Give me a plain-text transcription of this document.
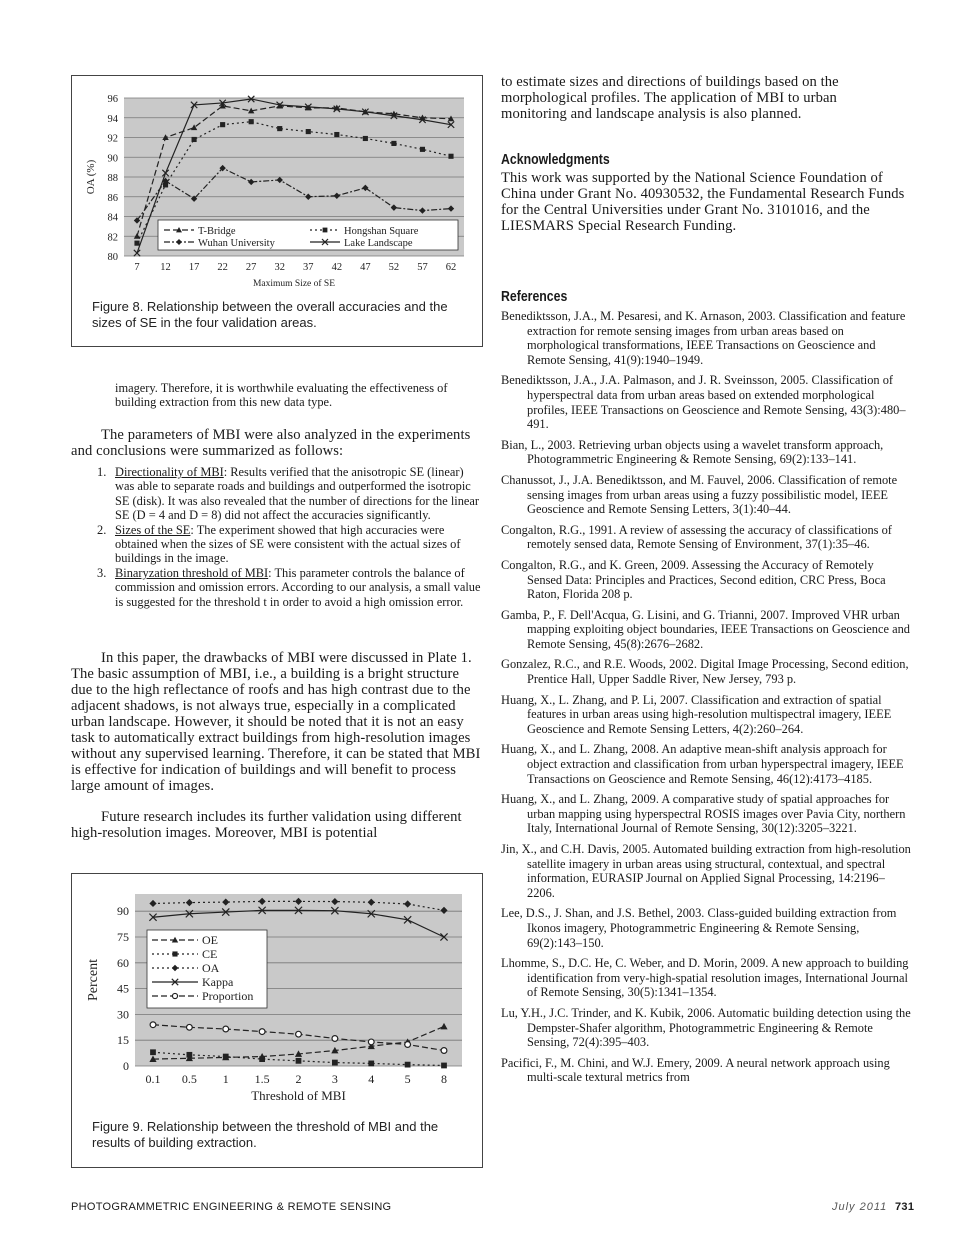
80
82
84
86
88
90
92
94
96
7 12 17 22 27 32 37 42 47 52 57 62
Maximum Size of SE
OA (%)
T-Bridge	Hongshan Square
Wuhan University	Lake Landscape
Figure 8. Relationship between the overall accuracies and the sizes of SE in the four validation areas.
imagery. Therefore, it is worthwhile evaluating the effectiveness of building extraction from this new data type.
The parameters of MBI were also analyzed in the experiments and conclusions were summarized as follows:
1. Directionality of MBI: Results verified that the anisotropic SE (linear) was able to separate roads and buildings and outperformed the isotropic SE (disk). It was also revealed that the number of directions for the linear SE (D = 4 and D = 8) did not affect the accuracies significantly.
2. Sizes of the SE: The experiment showed that high accuracies were obtained when the sizes of SE were consistent with the actual sizes of buildings in the image.
3. Binaryzation threshold of MBI: This parameter controls the balance of commission and omission errors. According to our analysis, a small value is suggested for the threshold t in order to avoid a high omission error.
In this paper, the drawbacks of MBI were discussed in Plate 1. The basic assumption of MBI, i.e., a building is a bright structure due to the high reflectance of roofs and has high contrast due to the adjacent shadows, is not always true, especially in a complicated urban landscape. However, it should be noted that it is not an easy task to automatically extract buildings from high-resolution images without any supervised learning. Therefore, it can be stated that MBI is effective for indication of buildings and will benefit to process large amount of images.
Future research includes its further validation using different high-resolution images. Moreover, MBI is potential
0
15
30
45
60
75
90
0.1 0.5 1 1.5 2	3	4	5	8
Threshold of MBI
Percent
OE
CE
OA
Kappa
Proportion
Figure 9. Relationship between the threshold of MBI and the results of building extraction.
to estimate sizes and directions of buildings based on the morphological profiles. The application of MBI to urban monitoring and landscape analysis is also planned.
Acknowledgments
This work was supported by the National Science Foundation of China under Grant No. 40930532, the Fundamental Research Funds for the Central Universities under Grant No. 3101016, and the LIESMARS Special Research Funding.
References
Benediktsson, J.A., M. Pesaresi, and K. Arnason, 2003. Classification and feature extraction for remote sensing images from urban areas based on morphological transformations, IEEE Transactions on Geoscience and Remote Sensing, 41(9):1940–1949.
Benediktsson, J.A., J.A. Palmason, and J. R. Sveinsson, 2005. Classification of hyperspectral data from urban areas based on extended morphological profiles, IEEE Transactions on Geoscience and Remote Sensing, 43(3):480–491.
Bian, L., 2003. Retrieving urban objects using a wavelet transform approach, Photogrammetric Engineering & Remote Sensing, 69(2):133–141.
Chanussot, J., J.A. Benediktsson, and M. Fauvel, 2006. Classification of remote sensing images from urban areas using a fuzzy possibilistic model, IEEE Geoscience and Remote Sensing Letters, 3(1):40–44.
Congalton, R.G., 1991. A review of assessing the accuracy of classifications of remotely sensed data, Remote Sensing of Environment, 37(1):35–46.
Congalton, R.G., and K. Green, 2009. Assessing the Accuracy of Remotely Sensed Data: Principles and Practices, Second edition, CRC Press, Boca Raton, Florida 208 p.
Gamba, P., F. Dell'Acqua, G. Lisini, and G. Trianni, 2007. Improved VHR urban mapping exploiting object boundaries, IEEE Transactions on Geoscience and Remote Sensing, 45(8):2676–2682.
Gonzalez, R.C., and R.E. Woods, 2002. Digital Image Processing, Second edition, Prentice Hall, Upper Saddle River, New Jersey, 793 p.
Huang, X., L. Zhang, and P. Li, 2007. Classification and extraction of spatial features in urban areas using high-resolution multispectral imagery, IEEE Geoscience and Remote Sensing Letters, 4(2):260–264.
Huang, X., and L. Zhang, 2008. An adaptive mean-shift analysis approach for object extraction and classification from urban hyperspectral imagery, IEEE Transactions on Geoscience and Remote Sensing, 46(12):4173–4185.
Huang, X., and L. Zhang, 2009. A comparative study of spatial approaches for urban mapping using hyperspectral ROSIS images over Pavia City, northern Italy, International Journal of Remote Sensing, 30(12):3205–3221.
Jin, X., and C.H. Davis, 2005. Automated building extraction from high-resolution satellite imagery in urban areas using structural, contextual, and spectral information, EURASIP Journal on Applied Signal Processing, 14:2196–2206.
Lee, D.S., J. Shan, and J.S. Bethel, 2003. Class-guided building extraction from Ikonos imagery, Photogrammetric Engineering & Remote Sensing, 69(2):143–150.
Lhomme, S., D.C. He, C. Weber, and D. Morin, 2009. A new approach to building identification from very-high-spatial resolution images, International Journal of Remote Sensing, 30(5):1341–1354.
Lu, Y.H., J.C. Trinder, and K. Kubik, 2006. Automatic building detection using the Dempster-Shafer algorithm, Photogrammetric Engineering & Remote Sensing, 72(4):395–403.
Pacifici, F., M. Chini, and W.J. Emery, 2009. A neural network approach using multi-scale textural metrics from
PHOTOGRAMMETRIC ENGINEERING & REMOTE SENSING	July 2011 731
